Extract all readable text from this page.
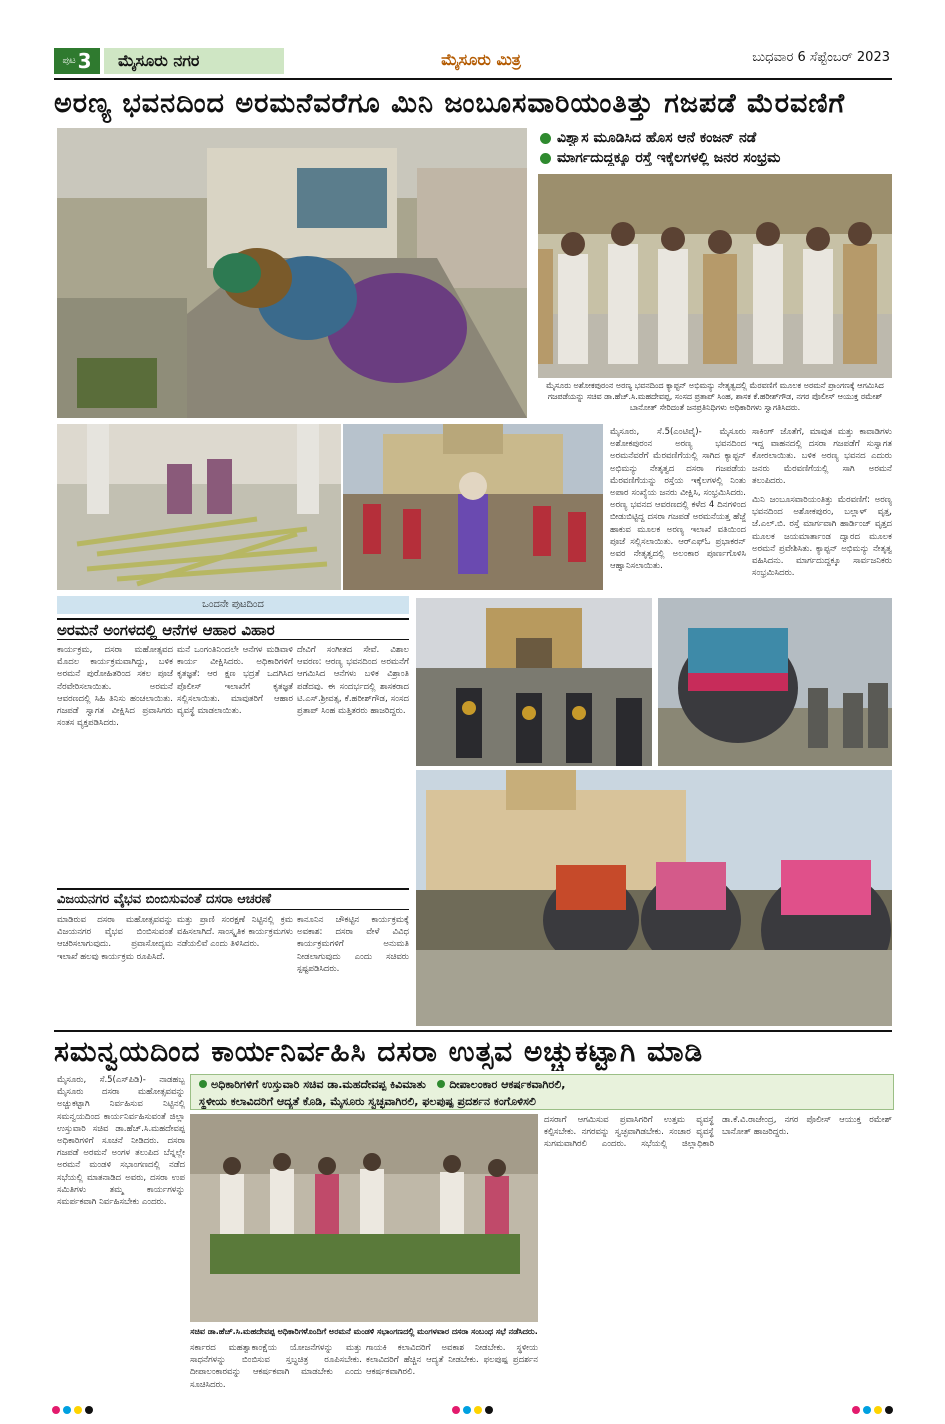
ಪುಟ 3	ಮೈಸೂರು ನಗರ	ಮೈಸೂರು ಮಿತ್ರ	ಬುಧವಾರ 6 ಸೆಪ್ಟೆಂಬರ್ 2023
ಅರಣ್ಯ ಭವನದಿಂದ ಅರಮನೆವರೆಗೂ ಮಿನಿ ಜಂಬೂಸವಾರಿಯಂತಿತ್ತು ಗಜಪಡೆ ಮೆರವಣಿಗೆ
ವಿಶ್ವಾಸ ಮೂಡಿಸಿದ ಹೊಸ ಆನೆ ಕಂಜನ್ ನಡೆ
ಮಾರ್ಗದುದ್ದಕ್ಕೂ ರಸ್ತೆ ಇಕ್ಕೆಲಗಳಲ್ಲಿ ಜನರ ಸಂಭ್ರಮ
ಮೈಸೂರು ಅಶೋಕಪುರಂನ ಅರಣ್ಯ ಭವನದಿಂದ ಕ್ಯಾಪ್ಟನ್ ಅಭಿಮನ್ಯು ನೇತೃತ್ವದಲ್ಲಿ ಮೆರವಣಿಗೆ ಮೂಲಕ ಅರಮನೆ ಪ್ರಾಂಗಣಕ್ಕೆ ಆಗಮಿಸಿದ ಗಜಪಡೆಯನ್ನು ಸಚಿವ ಡಾ.ಹೆಚ್.ಸಿ.ಮಹದೇವಪ್ಪ, ಸಂಸದ ಪ್ರತಾಪ್ ಸಿಂಹ, ಶಾಸಕ ಕೆ.ಹರೀಶ್‌ಗೌಡ, ನಗರ ಪೊಲೀಸ್ ಆಯುಕ್ತ ರಮೇಶ್ ಬಾನೋತ್ ಸೇರಿದಂತೆ ಜನಪ್ರತಿನಿಧಿಗಳು ಅಧಿಕಾರಿಗಳು ಸ್ವಾಗತಿಸಿದರು.
ಮೈಸೂರು, ಸೆ.5(ಎಂಟಿವೈ)- ಮೈಸೂರು ಅಶೋಕಪುರಂನ ಅರಣ್ಯ ಭವನದಿಂದ ಅರಮನೆವರೆಗೆ ಮೆರವಣಿಗೆಯಲ್ಲಿ ಸಾಗಿದ ಕ್ಯಾಪ್ಟನ್ ಅಭಿಮನ್ಯು ನೇತೃತ್ವದ ದಸರಾ ಗಜಪಡೆಯ ಮೆರವಣಿಗೆಯನ್ನು ರಸ್ತೆಯ ಇಕ್ಕೆಲಗಳಲ್ಲಿ ನಿಂತು ಅಪಾರ ಸಂಖ್ಯೆಯ ಜನರು ವೀಕ್ಷಿಸಿ, ಸಂಭ್ರಮಿಸಿದರು. ಅರಣ್ಯ ಭವನದ ಆವರಣದಲ್ಲಿ ಕಳೆದ 4 ದಿನಗಳಿಂದ ಬೀಡುಬಿಟ್ಟಿದ್ದ ದಸರಾ ಗಜಪಡೆ ಅರಮನೆಯತ್ತ ಹೆಜ್ಜೆ ಹಾಕುವ ಮೂಲಕ ಅರಣ್ಯ ಇಲಾಖೆ ವತಿಯಿಂದ ಪೂಜೆ ಸಲ್ಲಿಸಲಾಯಿತು. ಆರ್‌ಎಫ್‌ಓ ಪ್ರಭಾಕರನ್ ಅವರ ನೇತೃತ್ವದಲ್ಲಿ ಅಲಂಕಾರ ಪೂರ್ಣಗೊಳಿಸಿ ಆಹ್ವಾನಿಸಲಾಯಿತು.
ಸಾಕಿಂಗ್ ಜೊತೆಗೆ, ಮಾವುತ ಮತ್ತು ಕಾವಾಡಿಗಳು ಇದ್ದ ವಾಹನದಲ್ಲಿ ದಸರಾ ಗಜಪಡೆಗೆ ಸುಸ್ವಾಗತ ಕೋರಲಾಯಿತು. ಬಳಿಕ ಅರಣ್ಯ ಭವನದ ಎದುರು ಜನರು ಮೆರವಣಿಗೆಯಲ್ಲಿ ಸಾಗಿ ಅರಮನೆ ತಲುಪಿದರು.
ಮಿನಿ ಜಂಬೂಸವಾರಿಯಂತಿತ್ತು ಮೆರವಣಿಗೆ: ಅರಣ್ಯ ಭವನದಿಂದ ಅಶೋಕಪುರಂ, ಬಲ್ಲಾಳ್ ವೃತ್ತ, ಜೆ.ಎಲ್.ಬಿ. ರಸ್ತೆ ಮಾರ್ಗವಾಗಿ ಹಾರ್ಡಿಂಜ್ ವೃತ್ತದ ಮೂಲಕ ಜಯಮಾರ್ತಾಂಡ ದ್ವಾರದ ಮೂಲಕ ಅರಮನೆ ಪ್ರವೇಶಿಸಿತು. ಕ್ಯಾಪ್ಟನ್ ಅಭಿಮನ್ಯು ನೇತೃತ್ವ ವಹಿಸಿದನು. ಮಾರ್ಗದುದ್ದಕ್ಕೂ ಸಾರ್ವಜನಿಕರು ಸಂಭ್ರಮಿಸಿದರು.
ಒಂದನೇ ಪುಟದಿಂದ
ಅರಮನೆ ಅಂಗಳದಲ್ಲಿ ಆನೆಗಳ ಆಹಾರ ವಿಹಾರ
ಕಾರ್ಯಕ್ರಮ, ದಸರಾ ಮಹೋತ್ಸವದ ಮೊದಲ ಕಾರ್ಯಕ್ರಮವಾಗಿದ್ದು, ಬಳಿಕ ಅರಮನೆ ಪುರೋಹಿತರಿಂದ ಸಕಲ ಪೂಜೆ ನೆರವೇರಿಸಲಾಯಿತು. ಅರಮನೆ ಆವರಣದಲ್ಲಿ ಸಿಹಿ ತಿನಿಸು ಹಂಚಲಾಯಿತು. ಗಜಪಡೆ ಸ್ವಾಗತ ವೀಕ್ಷಿಸಿದ ಪ್ರವಾಸಿಗರು ಸಂತಸ ವ್ಯಕ್ತಪಡಿಸಿದರು.
ಮನೆ ಒಂಗಂತಿನಿಂದಲೇ ಆನೆಗಳ ಮಡಿವಾಳಿ ಕಾರ್ಯ ವೀಕ್ಷಿಸಿದರು. ಅಧಿಕಾರಿಗಳಿಗೆ ಕೃತಜ್ಞತೆ: ಆರ ಕ್ಷಣ ಭದ್ರತೆ ಒದಗಿಸಿದ ಪೊಲೀಸ್ ಇಲಾಖೆಗೆ ಕೃತಜ್ಞತೆ ಸಲ್ಲಿಸಲಾಯಿತು. ಮಾವುತರಿಗೆ ಆಹಾರ ವ್ಯವಸ್ಥೆ ಮಾಡಲಾಯಿತು.
ದೇವಿಗೆ ಸಂಗೀತದ ಸೇವೆ. ವಿಶಾಲ ಆವರಣ: ಆರಣ್ಯ ಭವನದಿಂದ ಅರಮನೆಗೆ ಆಗಮಿಸಿದ ಆನೆಗಳು ಬಳಿಕ ವಿಶ್ರಾಂತಿ ಪಡೆದವು. ಈ ಸಂದರ್ಭದಲ್ಲಿ ಶಾಸಕರಾದ ಟಿ.ಎಸ್.ಶ್ರೀವತ್ಸ, ಕೆ.ಹರೀಶ್‌ಗೌಡ, ಸಂಸದ ಪ್ರತಾಪ್ ಸಿಂಹ ಮತ್ತಿತರರು ಹಾಜರಿದ್ದರು.
ವಿಜಯನಗರ ವೈಭವ ಬಿಂಬಿಸುವಂತೆ ದಸರಾ ಆಚರಣೆ
ಮಾಡಿರುವ ದಸರಾ ಮಹೋತ್ಸವವನ್ನು ವಿಜಯನಗರ ವೈಭವ ಬಿಂಬಿಸುವಂತೆ ಆಚರಿಸಲಾಗುವುದು. ಪ್ರವಾಸೋದ್ಯಮ ಇಲಾಖೆ ಹಲವು ಕಾರ್ಯಕ್ರಮ ರೂಪಿಸಿದೆ.
ಮತ್ತು ಪ್ರಾಣಿ ಸಂರಕ್ಷಣೆ ನಿಟ್ಟಿನಲ್ಲಿ ಕ್ರಮ ವಹಿಸಲಾಗಿದೆ. ಸಾಂಸ್ಕೃತಿಕ ಕಾರ್ಯಕ್ರಮಗಳು ನಡೆಯಲಿವೆ ಎಂದು ತಿಳಿಸಿದರು.
ಕಾನೂನಿನ ಚೌಕಟ್ಟಿನ ಕಾರ್ಯಕ್ರಮಕ್ಕೆ ಅವಕಾಶ: ದಸರಾ ವೇಳೆ ವಿವಿಧ ಕಾರ್ಯಕ್ರಮಗಳಿಗೆ ಅನುಮತಿ ನೀಡಲಾಗುವುದು ಎಂದು ಸಚಿವರು ಸ್ಪಷ್ಟಪಡಿಸಿದರು.
ಸಮನ್ವಯದಿಂದ ಕಾರ್ಯನಿರ್ವಹಿಸಿ ದಸರಾ ಉತ್ಸವ ಅಚ್ಚುಕಟ್ಟಾಗಿ ಮಾಡಿ
ಅಧಿಕಾರಿಗಳಿಗೆ ಉಸ್ತುವಾರಿ ಸಚಿವ ಡಾ.ಮಹದೇವಪ್ಪ ಕಿವಿಮಾತು ದೀಪಾಲಂಕಾರ ಆಕರ್ಷಕವಾಗಿರಲಿ,
ಸ್ಥಳೀಯ ಕಲಾವಿದರಿಗೆ ಆದ್ಯತೆ ಕೊಡಿ, ಮೈಸೂರು ಸ್ವಚ್ಛವಾಗಿರಲಿ, ಫಲಪುಷ್ಪ ಪ್ರದರ್ಶನ ಕಂಗೊಳಿಸಲಿ
ಮೈಸೂರು, ಸೆ.5(ಎಸ್‌ಪಿಡಿ)- ನಾಡಹಬ್ಬ ಮೈಸೂರು ದಸರಾ ಮಹೋತ್ಸವವನ್ನು ಅಚ್ಚುಕಟ್ಟಾಗಿ ನಿರ್ವಹಿಸುವ ನಿಟ್ಟಿನಲ್ಲಿ ಸಮನ್ವಯದಿಂದ ಕಾರ್ಯನಿರ್ವಹಿಸುವಂತೆ ಜಿಲ್ಲಾ ಉಸ್ತುವಾರಿ ಸಚಿವ ಡಾ.ಹೆಚ್.ಸಿ.ಮಹದೇವಪ್ಪ ಅಧಿಕಾರಿಗಳಿಗೆ ಸೂಚನೆ ನೀಡಿದರು. ದಸರಾ ಗಜಪಡೆ ಅರಮನೆ ಅಂಗಳ ತಲುಪಿದ ಬೆನ್ನಲ್ಲೇ ಅರಮನೆ ಮಂಡಳಿ ಸಭಾಂಗಣದಲ್ಲಿ ನಡೆದ ಸಭೆಯಲ್ಲಿ ಮಾತನಾಡಿದ ಅವರು, ದಸರಾ ಉಪ ಸಮಿತಿಗಳು ತಮ್ಮ ಕಾರ್ಯಗಳನ್ನು ಸಮರ್ಪಕವಾಗಿ ನಿರ್ವಹಿಸಬೇಕು ಎಂದರು.
ಸಚಿವ ಡಾ.ಹೆಚ್.ಸಿ.ಮಹದೇವಪ್ಪ ಅಧಿಕಾರಿಗಳೊಂದಿಗೆ ಅರಮನೆ ಮಂಡಳಿ ಸಭಾಂಗಣದಲ್ಲಿ ಮಂಗಳವಾರ ದಸರಾ ಸಂಬಂಧ ಸಭೆ ನಡೆಸಿದರು.
ಸರ್ಕಾರದ ಮಹತ್ವಾಕಾಂಕ್ಷೆಯ ಯೋಜನೆಗಳನ್ನು ಮತ್ತು ಸಾಧನೆಗಳನ್ನು ಬಿಂಬಿಸುವ ಸ್ತಬ್ಧಚಿತ್ರ ರೂಪಿಸಬೇಕು. ದೀಪಾಲಂಕಾರವನ್ನು ಆಕರ್ಷಕವಾಗಿ ಮಾಡಬೇಕು ಎಂದು ಸೂಚಿಸಿದರು.
ಗಾಯಕಿ ಕಲಾವಿದರಿಗೆ ಅವಕಾಶ ನೀಡಬೇಕು. ಸ್ಥಳೀಯ ಕಲಾವಿದರಿಗೆ ಹೆಚ್ಚಿನ ಆದ್ಯತೆ ನೀಡಬೇಕು. ಫಲಪುಷ್ಪ ಪ್ರದರ್ಶನ ಆಕರ್ಷಕವಾಗಿರಲಿ.
ದಸರಾಗೆ ಆಗಮಿಸುವ ಪ್ರವಾಸಿಗರಿಗೆ ಉತ್ತಮ ವ್ಯವಸ್ಥೆ ಕಲ್ಪಿಸಬೇಕು. ನಗರವನ್ನು ಸ್ವಚ್ಛವಾಗಿಡಬೇಕು. ಸಂಚಾರ ವ್ಯವಸ್ಥೆ ಸುಗಮವಾಗಿರಲಿ ಎಂದರು. ಸಭೆಯಲ್ಲಿ ಜಿಲ್ಲಾಧಿಕಾರಿ ಡಾ.ಕೆ.ವಿ.ರಾಜೇಂದ್ರ, ನಗರ ಪೊಲೀಸ್ ಆಯುಕ್ತ ರಮೇಶ್ ಬಾನೋತ್ ಹಾಜರಿದ್ದರು.
